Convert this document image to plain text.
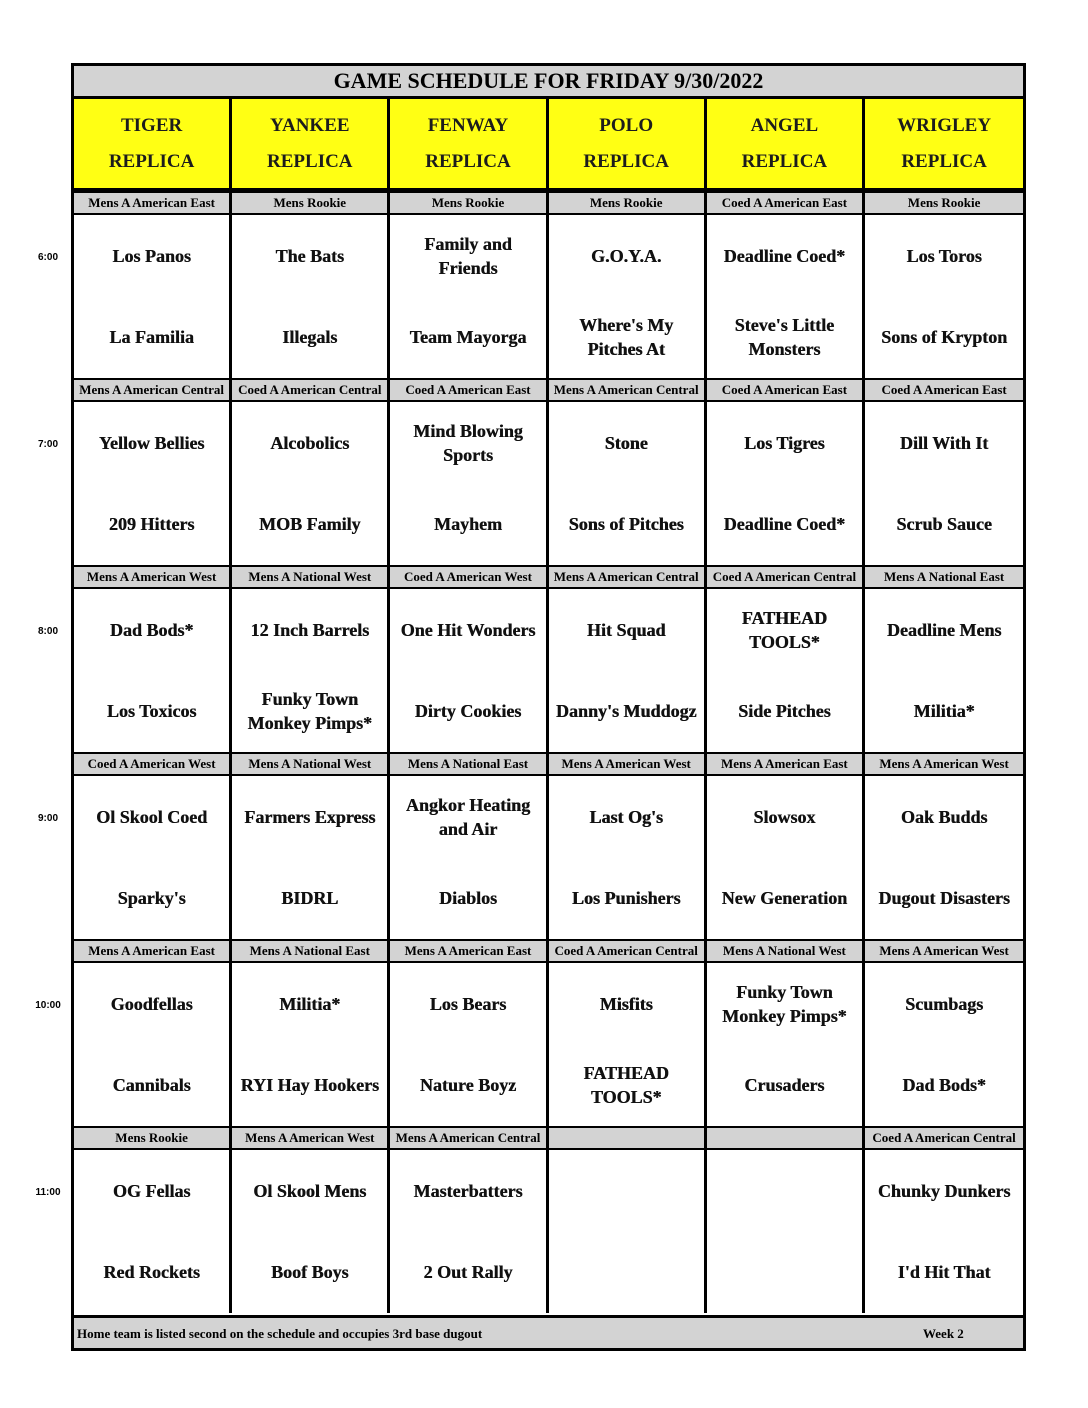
6:00
7:00
8:00
9:00
10:00
11:00
GAME SCHEDULE FOR FRIDAY 9/30/2022
TIGER
REPLICA
YANKEE
REPLICA
FENWAY
REPLICA
POLO
REPLICA
ANGEL
REPLICA
WRIGLEY
REPLICA
Mens A American East
Los Panos
La Familia
Mens Rookie
The Bats
Illegals
Mens Rookie
Family and Friends
Team Mayorga
Mens Rookie
G.O.Y.A.
Where's My Pitches At
Coed A American East
Deadline Coed*
Steve's Little Monsters
Mens Rookie
Los Toros
Sons of Krypton
Mens A American Central
Yellow Bellies
209 Hitters
Coed A American Central
Alcobolics
MOB Family
Coed A American East
Mind Blowing Sports
Mayhem
Mens A American Central
Stone
Sons of Pitches
Coed A American East
Los Tigres
Deadline Coed*
Coed A American East
Dill With It
Scrub Sauce
Mens A American West
Dad Bods*
Los Toxicos
Mens A National West
12 Inch Barrels
Funky Town Monkey Pimps*
Coed A American West
One Hit Wonders
Dirty Cookies
Mens A American Central
Hit Squad
Danny's Muddogz
Coed A American Central
FATHEAD TOOLS*
Side Pitches
Mens A National East
Deadline Mens
Militia*
Coed A American West
Ol Skool Coed
Sparky's
Mens A National West
Farmers Express
BIDRL
Mens A National East
Angkor Heating and Air
Diablos
Mens A American West
Last Og's
Los Punishers
Mens A American East
Slowsox
New Generation
Mens A American West
Oak Budds
Dugout Disasters
Mens A American East
Goodfellas
Cannibals
Mens A National East
Militia*
RYI Hay Hookers
Mens A American East
Los Bears
Nature Boyz
Coed A American Central
Misfits
FATHEAD TOOLS*
Mens A National West
Funky Town Monkey Pimps*
Crusaders
Mens A American West
Scumbags
Dad Bods*
Mens Rookie
OG Fellas
Red Rockets
Mens A American West
Ol Skool Mens
Boof Boys
Mens A American Central
Masterbatters
2 Out Rally
Coed A American Central
Chunky Dunkers
I'd Hit That
Home team is listed second on the schedule and occupies 3rd base dugout	Week 2
